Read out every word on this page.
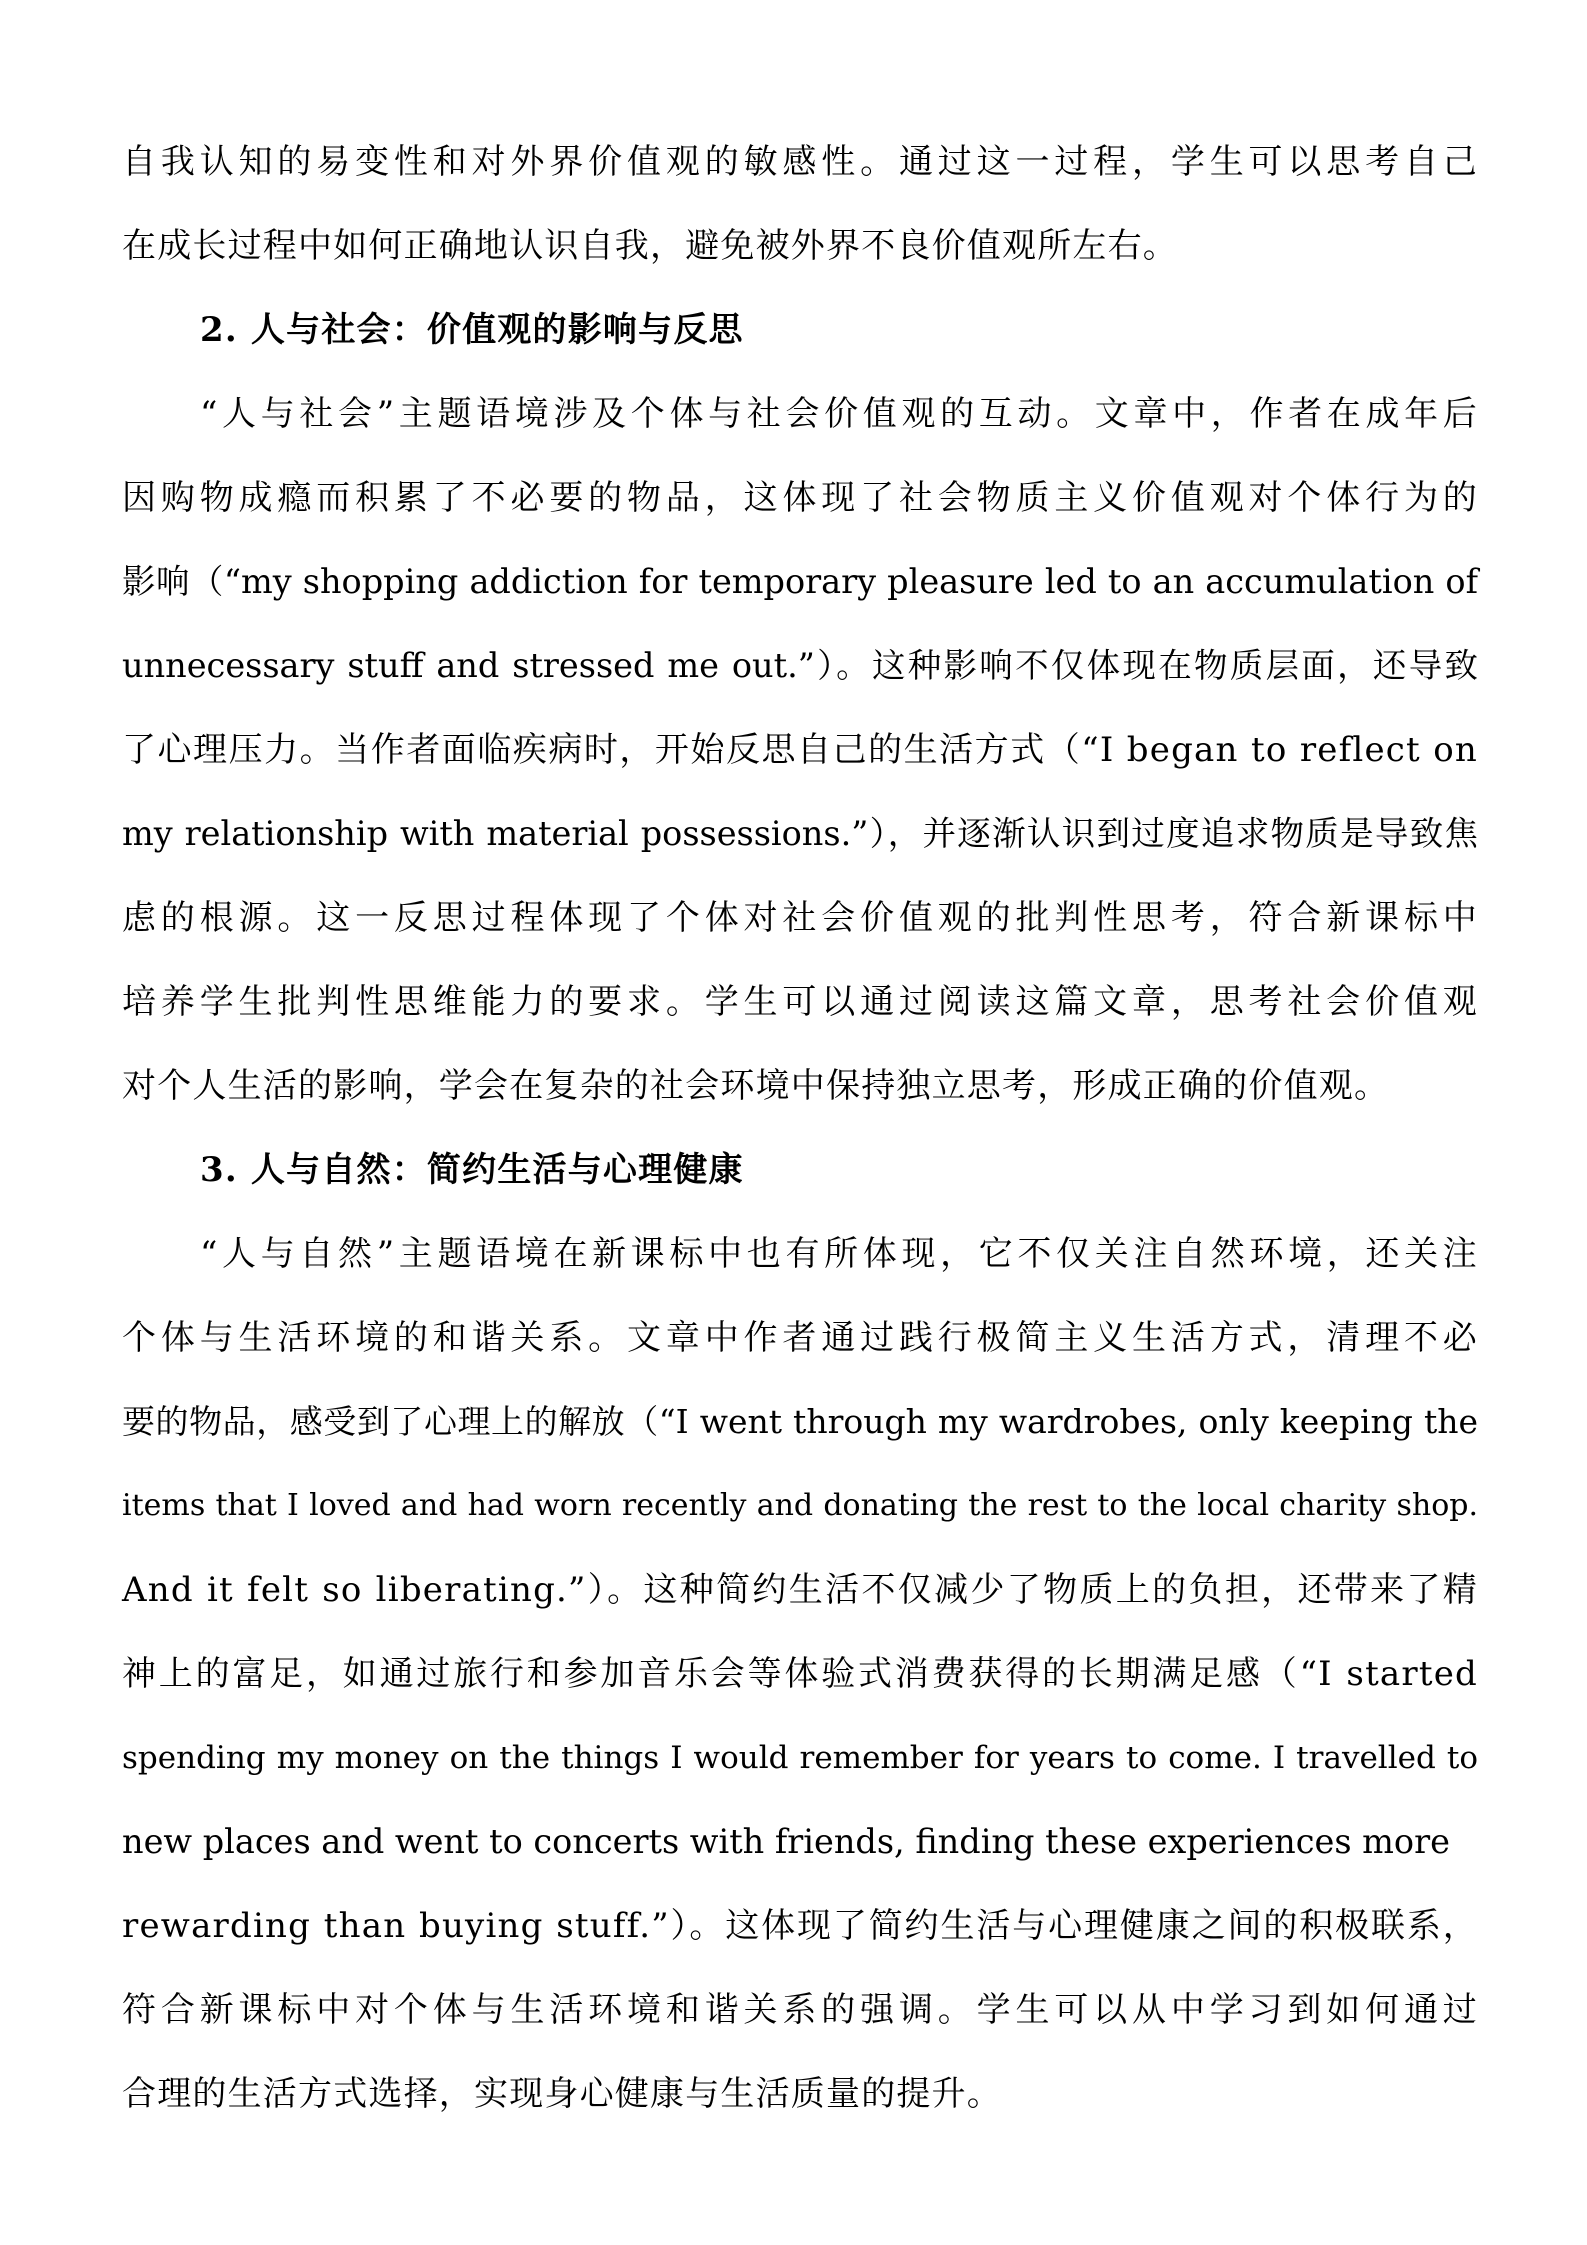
自我认知的易变性和对外界价值观的敏感性。通过这一过程，学生可以思考自己
在成长过程中如何正确地认识自我，避免被外界不良价值观所左右。
2. 人与社会：价值观的影响与反思
“人与社会”主题语境涉及个体与社会价值观的互动。文章中，作者在成年后
因购物成瘾而积累了不必要的物品，这体现了社会物质主义价值观对个体行为的
影响（“my shopping addiction for temporary pleasure led to an accumulation of
unnecessary stuff and stressed me out.”）。这种影响不仅体现在物质层面，还导致
了心理压力。当作者面临疾病时，开始反思自己的生活方式（“I began to reflect on
my relationship with material possessions.”），并逐渐认识到过度追求物质是导致焦
虑的根源。这一反思过程体现了个体对社会价值观的批判性思考，符合新课标中
培养学生批判性思维能力的要求。学生可以通过阅读这篇文章，思考社会价值观
对个人生活的影响，学会在复杂的社会环境中保持独立思考，形成正确的价值观。
3. 人与自然：简约生活与心理健康
“人与自然”主题语境在新课标中也有所体现，它不仅关注自然环境，还关注
个体与生活环境的和谐关系。文章中作者通过践行极简主义生活方式，清理不必
要的物品，感受到了心理上的解放（“I went through my wardrobes, only keeping the
items that I loved and had worn recently and donating the rest to the local charity shop.
And it felt so liberating.”）。这种简约生活不仅减少了物质上的负担，还带来了精
神上的富足，如通过旅行和参加音乐会等体验式消费获得的长期满足感（“I started
spending my money on the things I would remember for years to come. I travelled to
new places and went to concerts with friends, finding these experiences more
rewarding than buying stuff.”）。这体现了简约生活与心理健康之间的积极联系，
符合新课标中对个体与生活环境和谐关系的强调。学生可以从中学习到如何通过
合理的生活方式选择，实现身心健康与生活质量的提升。
